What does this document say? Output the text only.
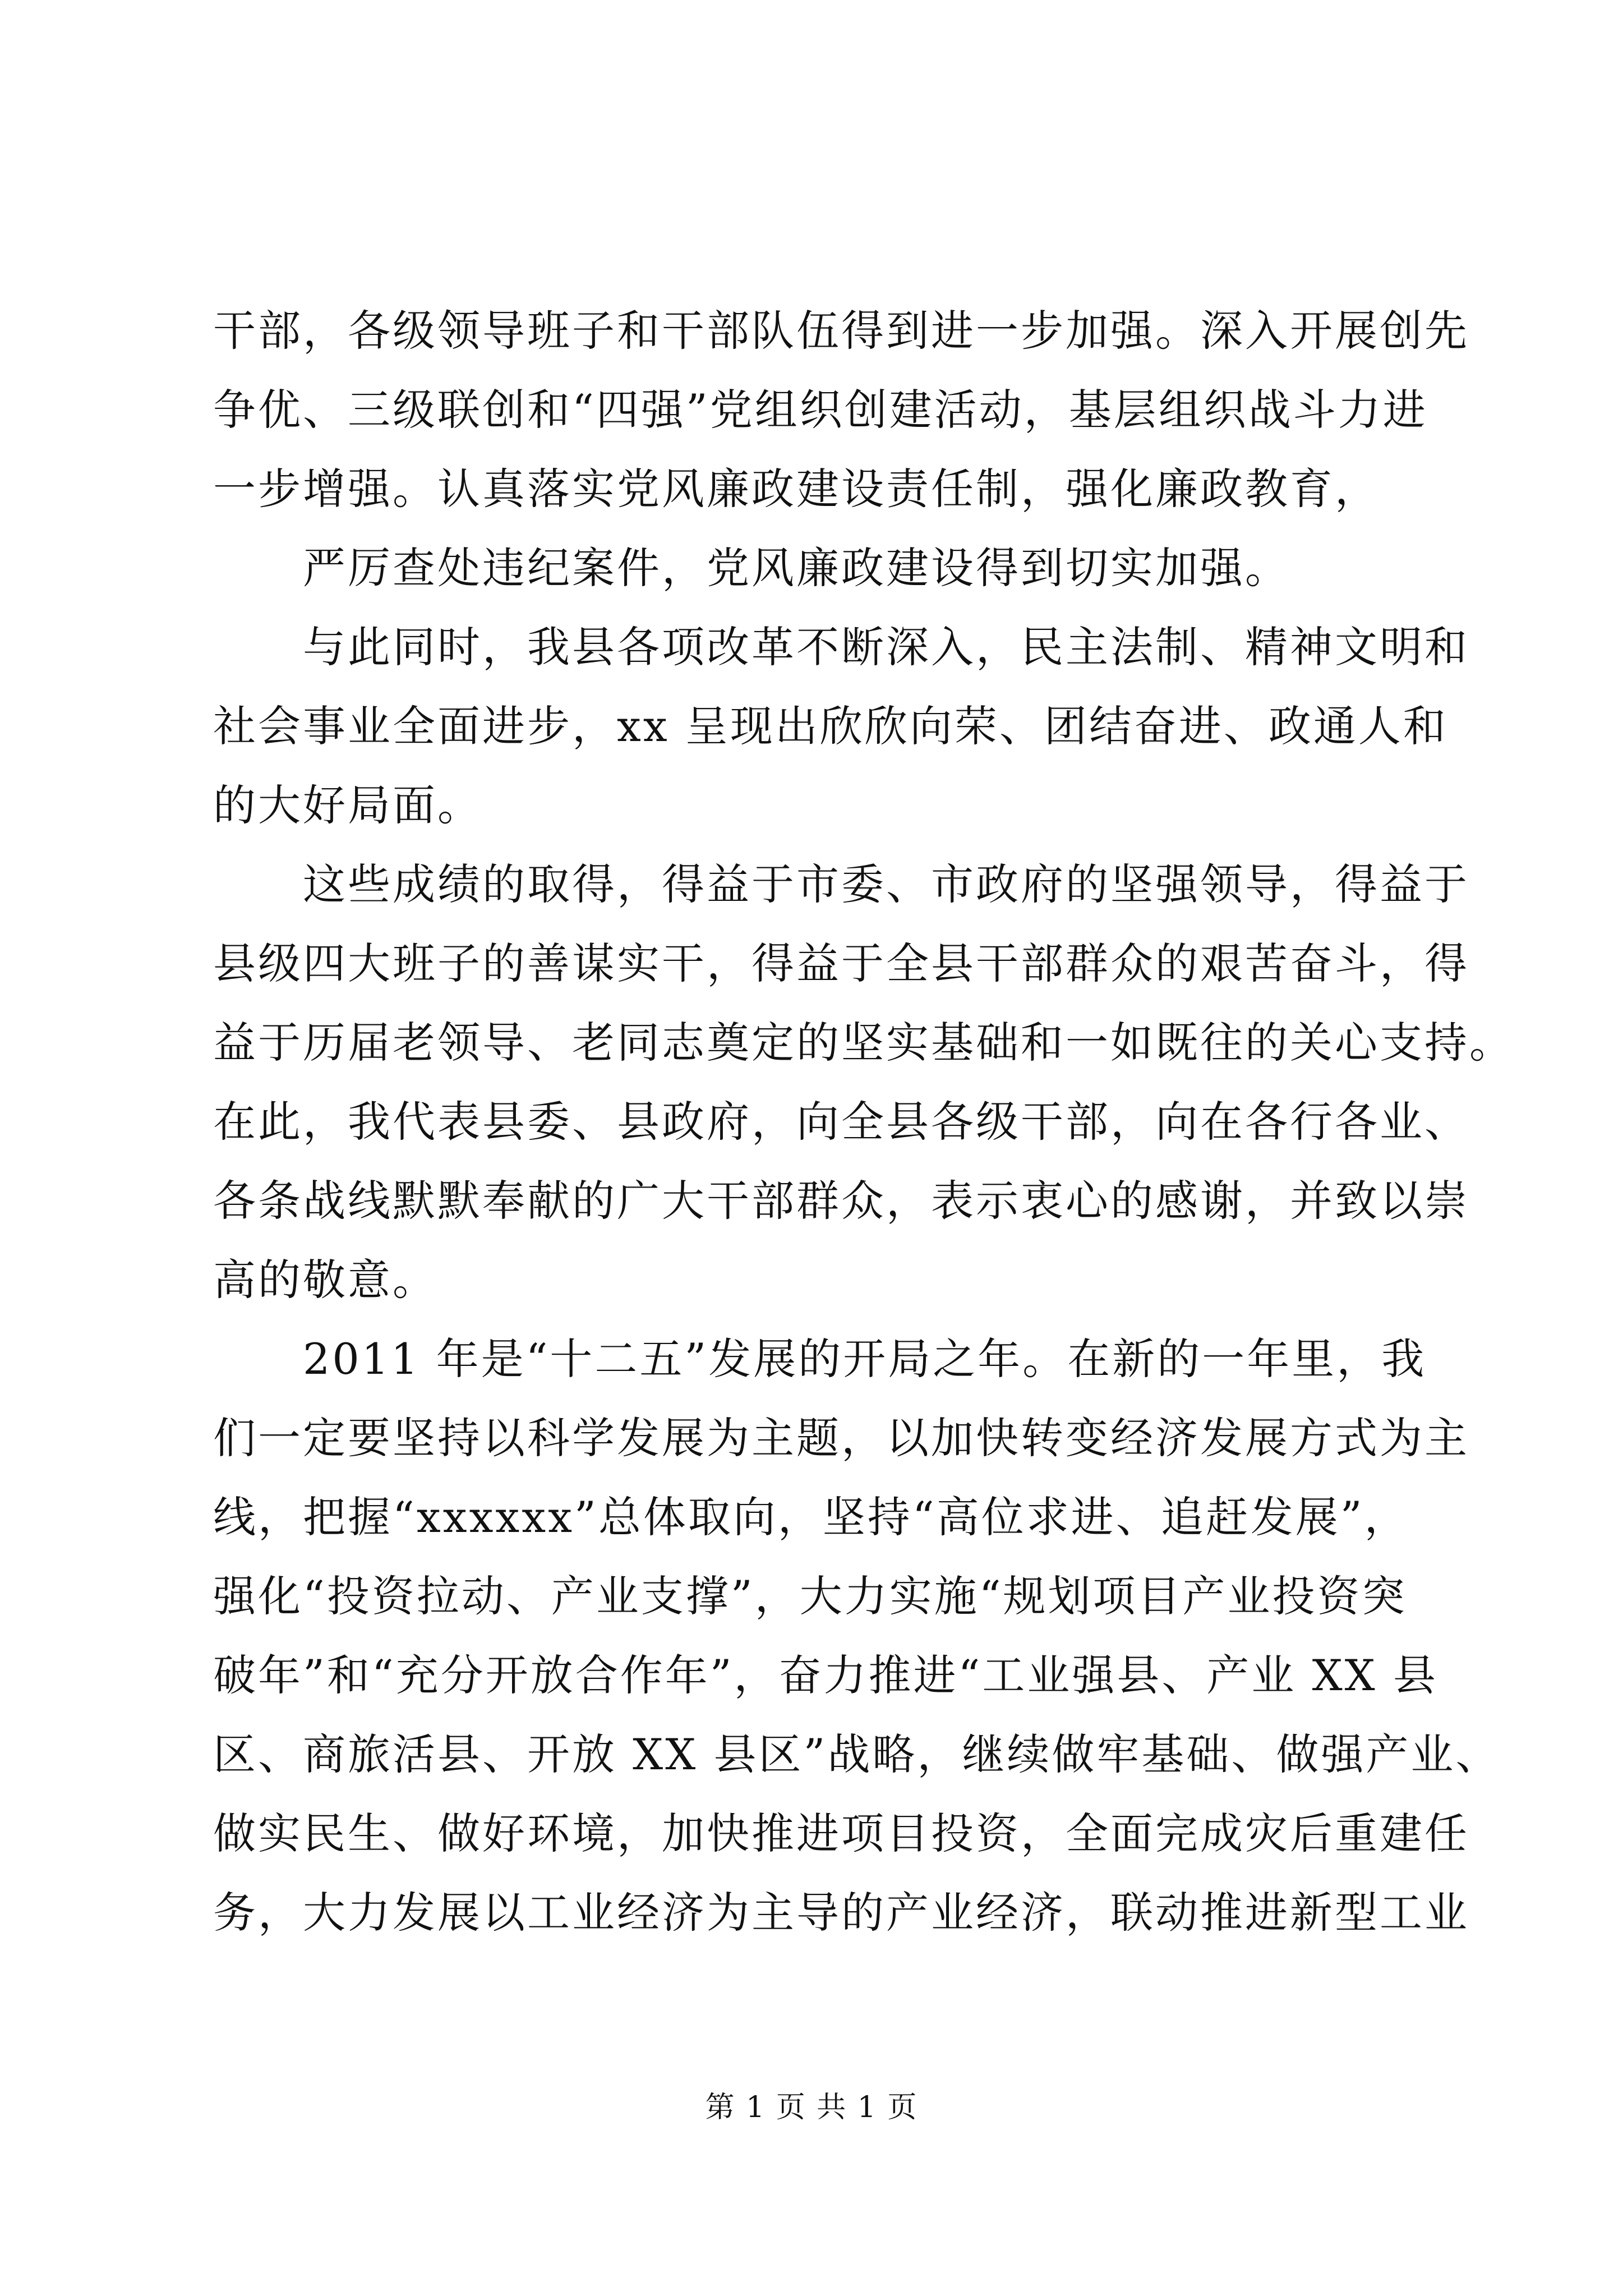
干部，各级领导班子和干部队伍得到进一步加强。深入开展创先
争优、三级联创和“四强”党组织创建活动，基层组织战斗力进
一步增强。认真落实党风廉政建设责任制，强化廉政教育，
严厉查处违纪案件，党风廉政建设得到切实加强。
与此同时，我县各项改革不断深入，民主法制、精神文明和
社会事业全面进步，xx 呈现出欣欣向荣、团结奋进、政通人和
的大好局面。
这些成绩的取得，得益于市委、市政府的坚强领导，得益于
县级四大班子的善谋实干，得益于全县干部群众的艰苦奋斗，得
益于历届老领导、老同志奠定的坚实基础和一如既往的关心支持。
在此，我代表县委、县政府，向全县各级干部，向在各行各业、
各条战线默默奉献的广大干部群众，表示衷心的感谢，并致以崇
高的敬意。
2011 年是“十二五”发展的开局之年。在新的一年里，我
们一定要坚持以科学发展为主题，以加快转变经济发展方式为主
线，把握“xxxxxx”总体取向，坚持“高位求进、追赶发展”，
强化“投资拉动、产业支撑”，大力实施“规划项目产业投资突
破年”和“充分开放合作年”，奋力推进“工业强县、产业 XX 县
区、商旅活县、开放 XX 县区”战略，继续做牢基础、做强产业、
做实民生、做好环境，加快推进项目投资，全面完成灾后重建任
务，大力发展以工业经济为主导的产业经济，联动推进新型工业
第 1 页 共 1 页
